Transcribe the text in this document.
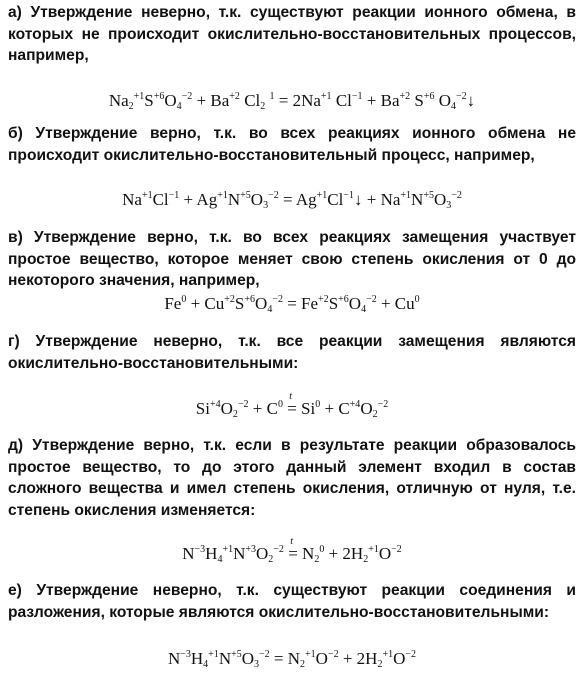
а) Утверждение неверно, т.к. существуют реакции ионного обмена, в которых не происходит окислительно-восстановительных процессов, например,

$Na_2^{+1}S^{+6}O_4^{-2} + Ba^{+2}$ $Cl_2$ $^1 = 2Na^{+1}$ $Cl^{-1} + Ba^{+2}$ $S^{+6}$ $O_4^{-2}↓$

б) Утверждение верно, т.к. во всех реакциях ионного обмена не происходит окислительно-восстановительный процесс, например,

$Na^{+1}Cl^{-1} + Ag^{+1}N^{+5}O_3^{-2}$ = $Ag^{+1}Cl^{-1}↓ + Na^{+1}N^{+5}O_3^{-2}$

в) Утверждение верно, т.к. во всех реакциях замещения участвует простое вещество, которое меняет свою степень окисления от 0 до некоторого значения, например,

$Fe^0 + Cu^{+2}S^{+6}O_4^{-2} = Fe^{+2}S^{+6}O_4^{-2} + Cu^0$

г) Утверждение неверно, т.к. все реакции замещения являются окислительно-восстановительными:

$Si^{+4}O_2^{-2} + C^0$
t
= $Si^0 + C^{+4}O_2^{-2}$

д) Утверждение верно, т.к. если в результате реакции образовалось простое вещество, то до этого данный элемент входил в состав сложного вещества и имел степень окисления, отличную от нуля, т.е. степень окисления изменяется:

$N^{-3}H_4^{+1}N^{+3}O_2^{-2}$
t
= $N_2^0 + 2H_2^{+1}O^{-2}$

е) Утверждение неверно, т.к. существуют реакции соединения и разложения, которые являются окислительно-восстановительными:

$N^{-3}H_4^{+1}N^{+5}O_3^{-2} = N_2^{+1}O^{-2} + 2H_2^{+1}O^{-2}$
